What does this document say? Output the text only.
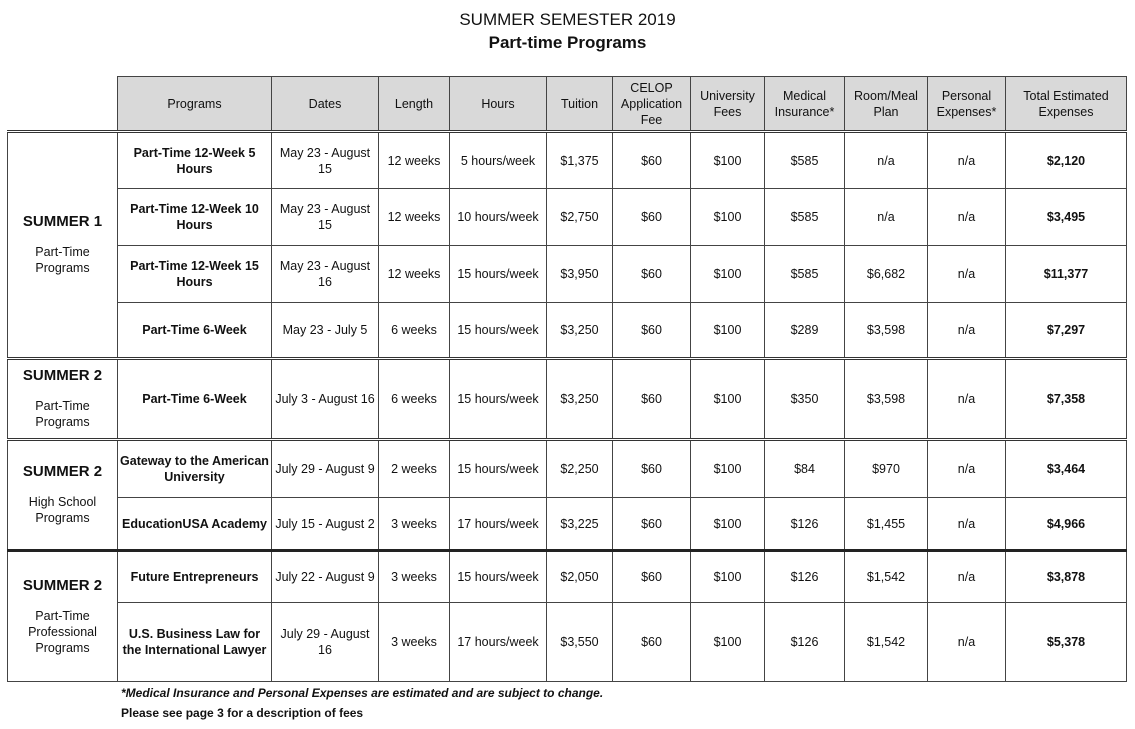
SUMMER SEMESTER 2019
Part-time Programs
	Programs	Dates	Length	Hours	Tuition	CELOP Application Fee	University Fees	Medical Insurance*	Room/Meal Plan	Personal Expenses*	Total Estimated Expenses

SUMMER 1
Part-Time Programs	Part-Time 12-Week 5 Hours	May 23 - August 15	12 weeks	5 hours/week	$1,375	$60	$100	$585	n/a	n/a	$2,120
	Part-Time 12-Week 10 Hours	May 23 - August 15	12 weeks	10 hours/week	$2,750	$60	$100	$585	n/a	n/a	$3,495
	Part-Time 12-Week 15 Hours	May 23 - August 16	12 weeks	15 hours/week	$3,950	$60	$100	$585	$6,682	n/a	$11,377
	Part-Time 6-Week	May 23 - July 5	6 weeks	15 hours/week	$3,250	$60	$100	$289	$3,598	n/a	$7,297

SUMMER 2
Part-Time Programs	Part-Time 6-Week	July 3 - August 16	6 weeks	15 hours/week	$3,250	$60	$100	$350	$3,598	n/a	$7,358

SUMMER 2
High School Programs	Gateway to the American University	July 29 - August 9	2 weeks	15 hours/week	$2,250	$60	$100	$84	$970	n/a	$3,464
	EducationUSA Academy	July 15 - August 2	3 weeks	17 hours/week	$3,225	$60	$100	$126	$1,455	n/a	$4,966

SUMMER 2
Part-Time Professional Programs	Future Entrepreneurs	July 22 - August 9	3 weeks	15 hours/week	$2,050	$60	$100	$126	$1,542	n/a	$3,878
	U.S. Business Law for the International Lawyer	July 29 - August 16	3 weeks	17 hours/week	$3,550	$60	$100	$126	$1,542	n/a	$5,378
*Medical Insurance and Personal Expenses are estimated and are subject to change.
Please see page 3 for a description of fees
